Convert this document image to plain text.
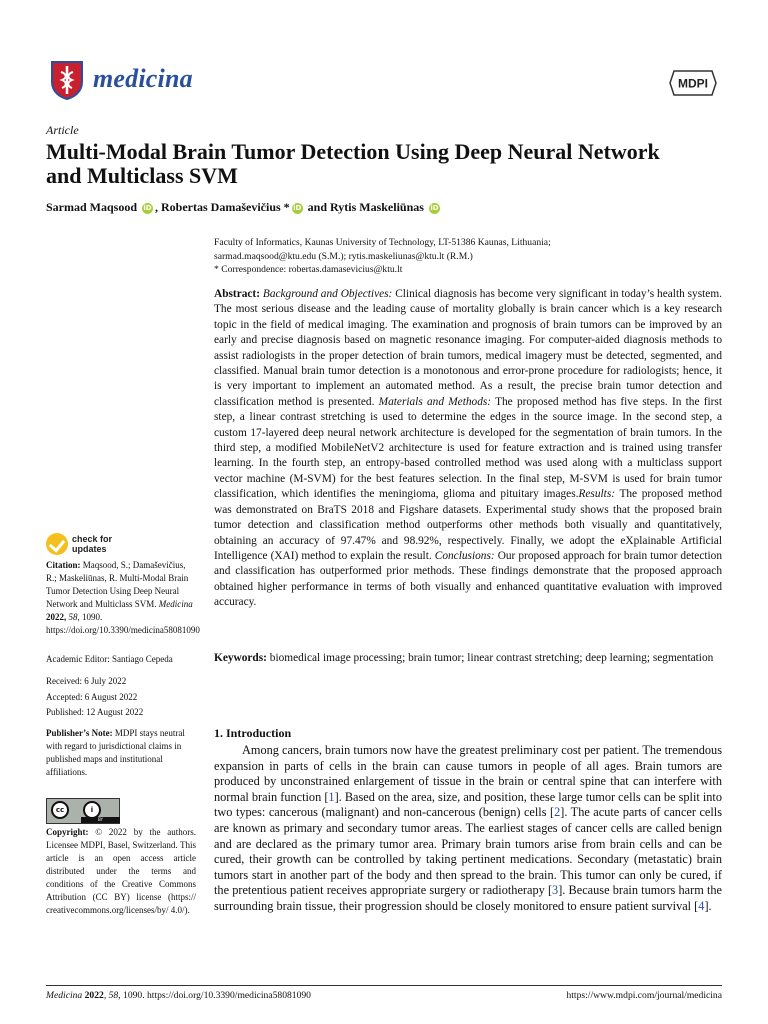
medicina	MDPI
Article
Multi-Modal Brain Tumor Detection Using Deep Neural Network and Multiclass SVM
Sarmad Maqsood iD , Robertas Damaševičius * iD and Rytis Maskeliūnas iD
Faculty of Informatics, Kaunas University of Technology, LT-51386 Kaunas, Lithuania;
sarmad.maqsood@ktu.edu (S.M.); rytis.maskeliunas@ktu.lt (R.M.)
* Correspondence: robertas.damasevicius@ktu.lt
Abstract: Background and Objectives: Clinical diagnosis has become very significant in today’s health system. The most serious disease and the leading cause of mortality globally is brain cancer which is a key research topic in the field of medical imaging. The examination and prognosis of brain tumors can be improved by an early and precise diagnosis based on magnetic resonance imaging. For computer-aided diagnosis methods to assist radiologists in the proper detection of brain tumors, medical imagery must be detected, segmented, and classified. Manual brain tumor detection is a monotonous and error-prone procedure for radiologists; hence, it is very important to implement an automated method. As a result, the precise brain tumor detection and classification method is presented. Materials and Methods: The proposed method has five steps. In the first step, a linear contrast stretching is used to determine the edges in the source image. In the second step, a custom 17-layered deep neural network architecture is developed for the segmentation of brain tumors. In the third step, a modified MobileNetV2 architecture is used for feature extraction and is trained using transfer learning. In the fourth step, an entropy-based controlled method was used along with a multiclass support vector machine (M-SVM) for the best features selection. In the final step, M-SVM is used for brain tumor classification, which identifies the meningioma, glioma and pituitary images.Results: The proposed method was demonstrated on BraTS 2018 and Figshare datasets. Experimental study shows that the proposed brain tumor detection and classification method outperforms other methods both visually and quantitatively, obtaining an accuracy of 97.47% and 98.92%, respectively. Finally, we adopt the eXplainable Artificial Intelligence (XAI) method to explain the result. Conclusions: Our proposed approach for brain tumor detection and classification has outperformed prior methods. These findings demonstrate that the proposed approach obtained higher performance in terms of both visually and enhanced quantitative evaluation with improved accuracy.
Keywords: biomedical image processing; brain tumor; linear contrast stretching; deep learning; segmentation
1. Introduction
Among cancers, brain tumors now have the greatest preliminary cost per patient. The tremendous expansion in parts of cells in the brain can cause tumors in people of all ages. Brain tumors are produced by unconstrained enlargement of tissue in the brain or central spine that can interfere with normal brain function [1]. Based on the area, size, and position, these large tumor cells can be split into two types: cancerous (malignant) and non-cancerous (benign) cells [2]. The acute parts of cancer cells are known as primary and secondary tumor areas. The earliest stages of cancer cells are called benign and are declared as the primary tumor area. Primary brain tumors arise from brain cells and can be cured, their growth can be controlled by taking pertinent medications. Secondary (metastatic) brain tumors start in another part of the body and then spread to the brain. This tumor can only be cured, if the pretentious patient receives appropriate surgery or radiotherapy [3]. Because brain tumors harm the surrounding brain tissue, their progression should be closely monitored to ensure patient survival [4].
check for
updates
Citation: Maqsood, S.; Damaševičius, R.; Maskeliūnas, R. Multi-Modal Brain Tumor Detection Using Deep Neural Network and Multiclass SVM. Medicina 2022, 58, 1090. https://doi.org/10.3390/medicina58081090
Academic Editor: Santiago Cepeda
Received: 6 July 2022
Accepted: 6 August 2022
Published: 12 August 2022
Publisher’s Note: MDPI stays neutral with regard to jurisdictional claims in published maps and institutional affiliations.
cc	i
BY
Copyright: © 2022 by the authors. Licensee MDPI, Basel, Switzerland. This article is an open access article distributed under the terms and conditions of the Creative Commons Attribution (CC BY) license (https:// creativecommons.org/licenses/by/ 4.0/).
Medicina 2022, 58, 1090. https://doi.org/10.3390/medicina58081090	https://www.mdpi.com/journal/medicina
